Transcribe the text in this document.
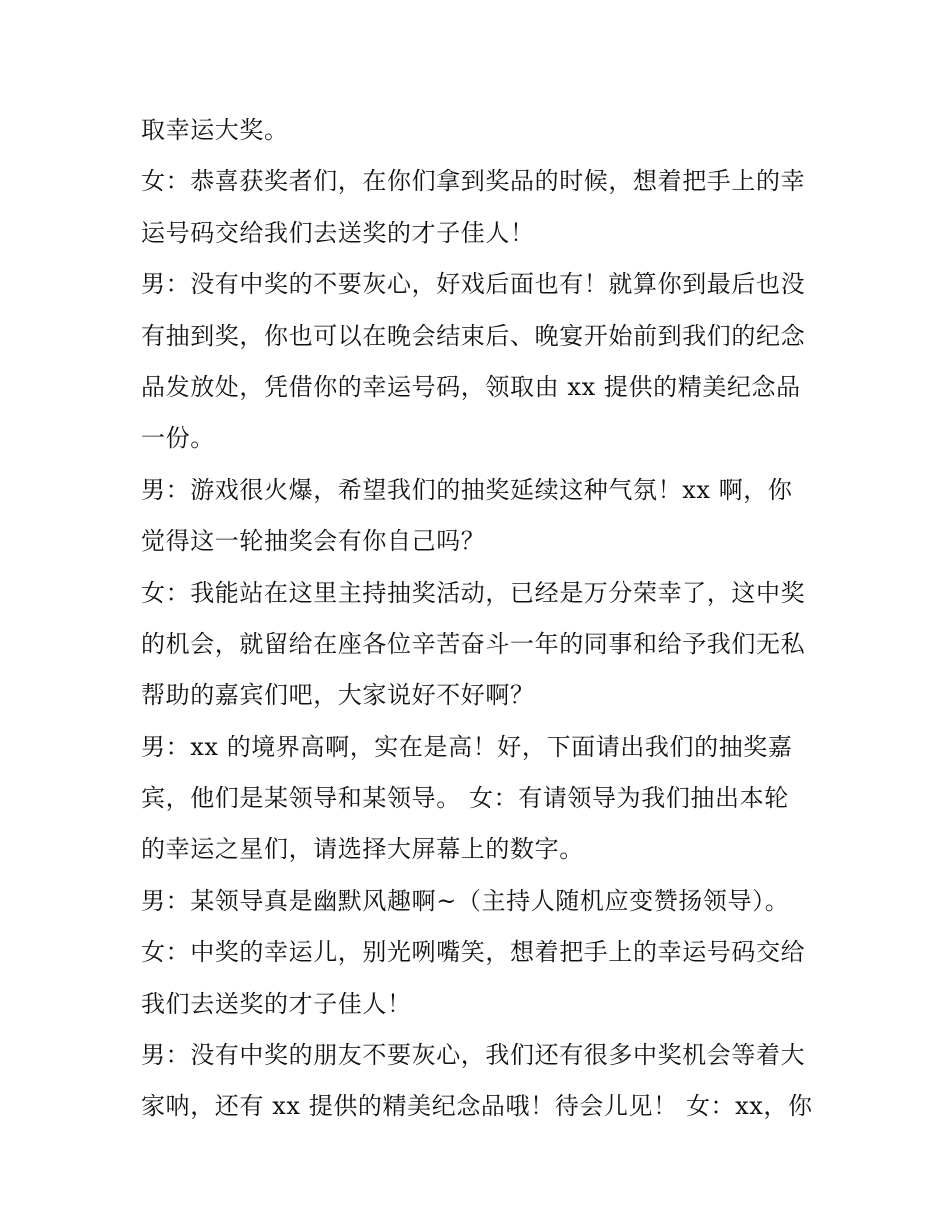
取幸运大奖。
女：恭喜获奖者们，在你们拿到奖品的时候，想着把手上的幸
运号码交给我们去送奖的才子佳人！
男：没有中奖的不要灰心，好戏后面也有！就算你到最后也没
有抽到奖，你也可以在晚会结束后、晚宴开始前到我们的纪念
品发放处，凭借你的幸运号码，领取由 xx 提供的精美纪念品
一份。
男：游戏很火爆，希望我们的抽奖延续这种气氛！xx 啊，你
觉得这一轮抽奖会有你自己吗？
女：我能站在这里主持抽奖活动，已经是万分荣幸了，这中奖
的机会，就留给在座各位辛苦奋斗一年的同事和给予我们无私
帮助的嘉宾们吧，大家说好不好啊？
男：xx 的境界高啊，实在是高！好，下面请出我们的抽奖嘉
宾，他们是某领导和某领导。 女：有请领导为我们抽出本轮
的幸运之星们，请选择大屏幕上的数字。
男：某领导真是幽默风趣啊~（主持人随机应变赞扬领导）。
女：中奖的幸运儿，别光咧嘴笑，想着把手上的幸运号码交给
我们去送奖的才子佳人！
男：没有中奖的朋友不要灰心，我们还有很多中奖机会等着大
家呐，还有 xx 提供的精美纪念品哦！待会儿见！ 女：xx，你
